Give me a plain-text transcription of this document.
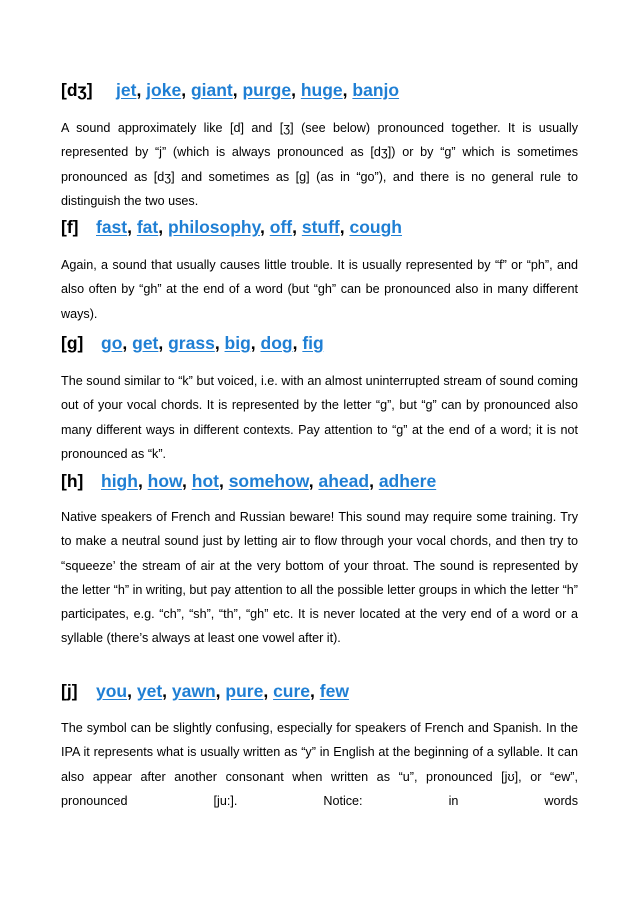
[dʒ] jet, joke, giant, purge, huge, banjo

A sound approximately like [d] and [ʒ] (see below) pronounced together. It is usually represented by “j” (which is always pronounced as [dʒ]) or by “g” which is sometimes pronounced as [dʒ] and sometimes as [g] (as in “go”), and there is no general rule to distinguish the two uses.

[f] fast, fat, philosophy, off, stuff, cough

Again, a sound that usually causes little trouble. It is usually represented by “f” or “ph”, and also often by “gh” at the end of a word (but “gh” can be pronounced also in many different ways).

[g] go, get, grass, big, dog, fig

The sound similar to “k” but voiced, i.e. with an almost uninterrupted stream of sound coming out of your vocal chords. It is represented by the letter “g”, but “g” can by pronounced also many different ways in different contexts. Pay attention to “g” at the end of a word; it is not pronounced as “k”.

[h] high, how, hot, somehow, ahead, adhere

Native speakers of French and Russian beware! This sound may require some training. Try to make a neutral sound just by letting air to flow through your vocal chords, and then try to “squeeze’ the stream of air at the very bottom of your throat. The sound is represented by the letter “h” in writing, but pay attention to all the possible letter groups in which the letter “h” participates, e.g. “ch”, “sh”, “th”, “gh” etc. It is never located at the very end of a word or a syllable (there’s always at least one vowel after it).

[j] you, yet, yawn, pure, cure, few

The symbol can be slightly confusing, especially for speakers of French and Spanish. In the IPA it represents what is usually written as “y” in English at the beginning of a syllable. It can also appear after another consonant when written as “u”, pronounced [jʊ], or “ew”, pronounced [ju:]. Notice: in words
